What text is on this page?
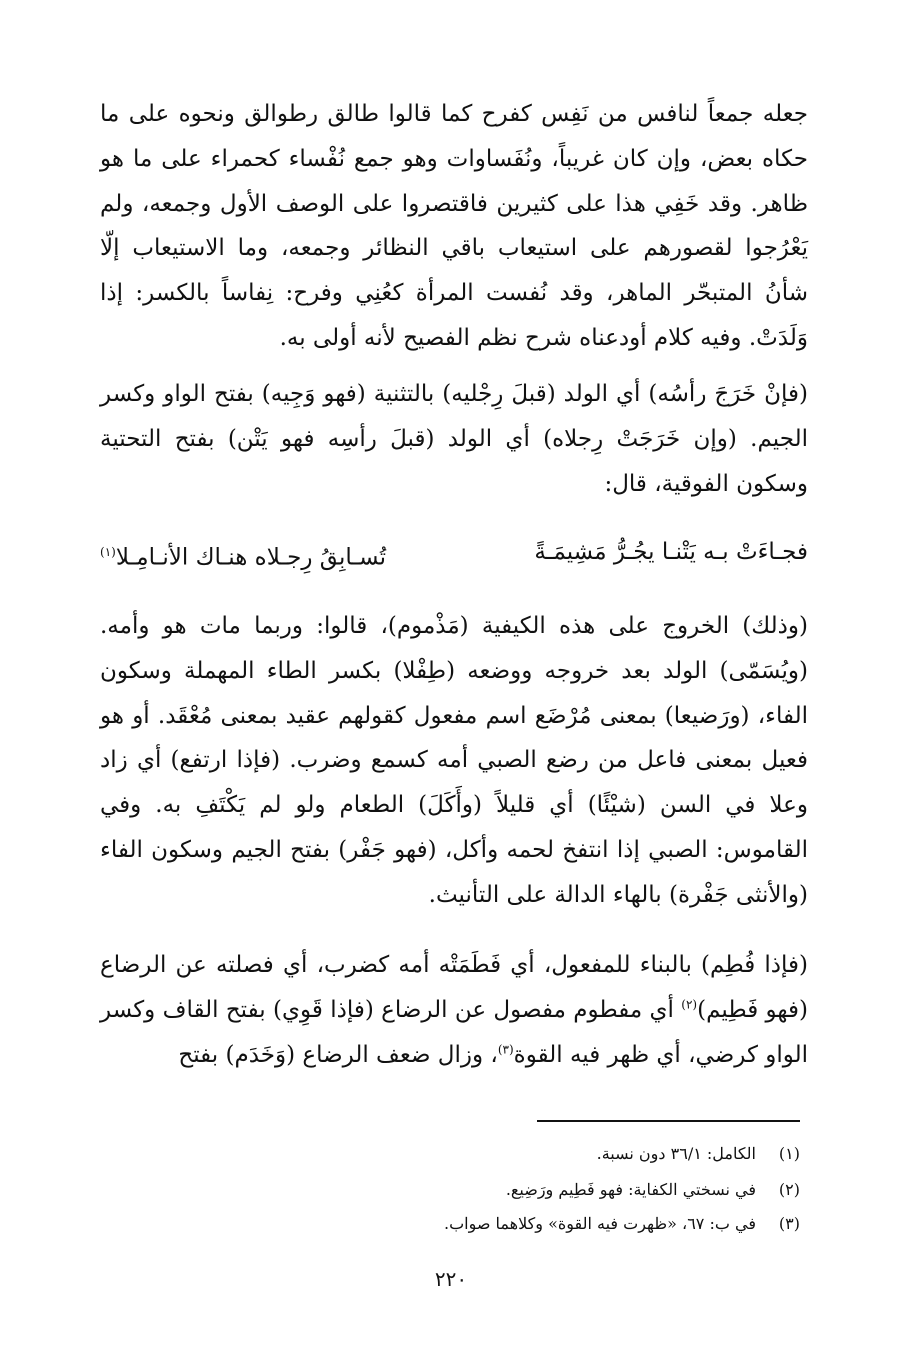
جعله جمعاً لنافس من نَفِس كفرح كما قالوا طالق رطوالق ونحوه على ما حكاه بعض، وإن كان غريباً، ونُفَساوات وهو جمع نُفْساء كحمراء على ما هو ظاهر. وقد خَفِي هذا على كثيرين فاقتصروا على الوصف الأول وجمعه، ولم يَعْرُجوا لقصورهم على استيعاب باقي النظائر وجمعه، وما الاستيعاب إلّا شأنُ المتبحّر الماهر، وقد نُفست المرأة كعُنِي وفرح: نِفاساً بالكسر: إذا وَلَدَتْ. وفيه كلام أودعناه شرح نظم الفصيح لأنه أولى به.

(فإنْ خَرَجَ رأسُه) أي الولد (قبلَ رِجْليه) بالتثنية (فهو وَجِيه) بفتح الواو وكسر الجيم. (وإن خَرَجَتْ رِجلاه) أي الولد (قبلَ رأسِه فهو يَتْن) بفتح التحتية وسكون الفوقية، قال:

فجـاءَتْ بـه يَتْنـا يجُـرُّ مَشِيمَـةً
تُسـابِقُ رِجـلاه هنـاك الأنـامِـلا$^{(١)}$

(وذلك) الخروج على هذه الكيفية (مَذْموم)، قالوا: وربما مات هو وأمه. (ويُسَمّى) الولد بعد خروجه ووضعه (طِفْلا) بكسر الطاء المهملة وسكون الفاء، (ورَضيعا) بمعنى مُرْضَع اسم مفعول كقولهم عقيد بمعنى مُعْقَد. أو هو فعيل بمعنى فاعل من رضع الصبي أمه كسمع وضرب. (فإذا ارتفع) أي زاد وعلا في السن (شيْئًا) أي قليلاً (وأَكَلَ) الطعام ولو لم يَكْتَفِ به. وفي القاموس: الصبي إذا انتفخ لحمه وأكل، (فهو جَفْر) بفتح الجيم وسكون الفاء (والأنثى جَفْرة) بالهاء الدالة على التأنيث.

(فإذا فُطِم) بالبناء للمفعول، أي فَطَمَتْه أمه كضرب، أي فصلته عن الرضاع (فهو فَطِيم)$^{(٢)}$ أي مفطوم مفصول عن الرضاع (فإذا قَوِي) بفتح القاف وكسر الواو كرضي، أي ظهر فيه القوة$^{(٣)}$، وزال ضعف الرضاع (وَخَدَم) بفتح

(١)الكامل: ٣٦/١ دون نسبة.
(٢)في نسختي الكفاية: فهو فَطِيم ورَضِيع.
(٣)في ب: ٦٧، «ظهرت فيه القوة» وكلاهما صواب.
٢٢٠
